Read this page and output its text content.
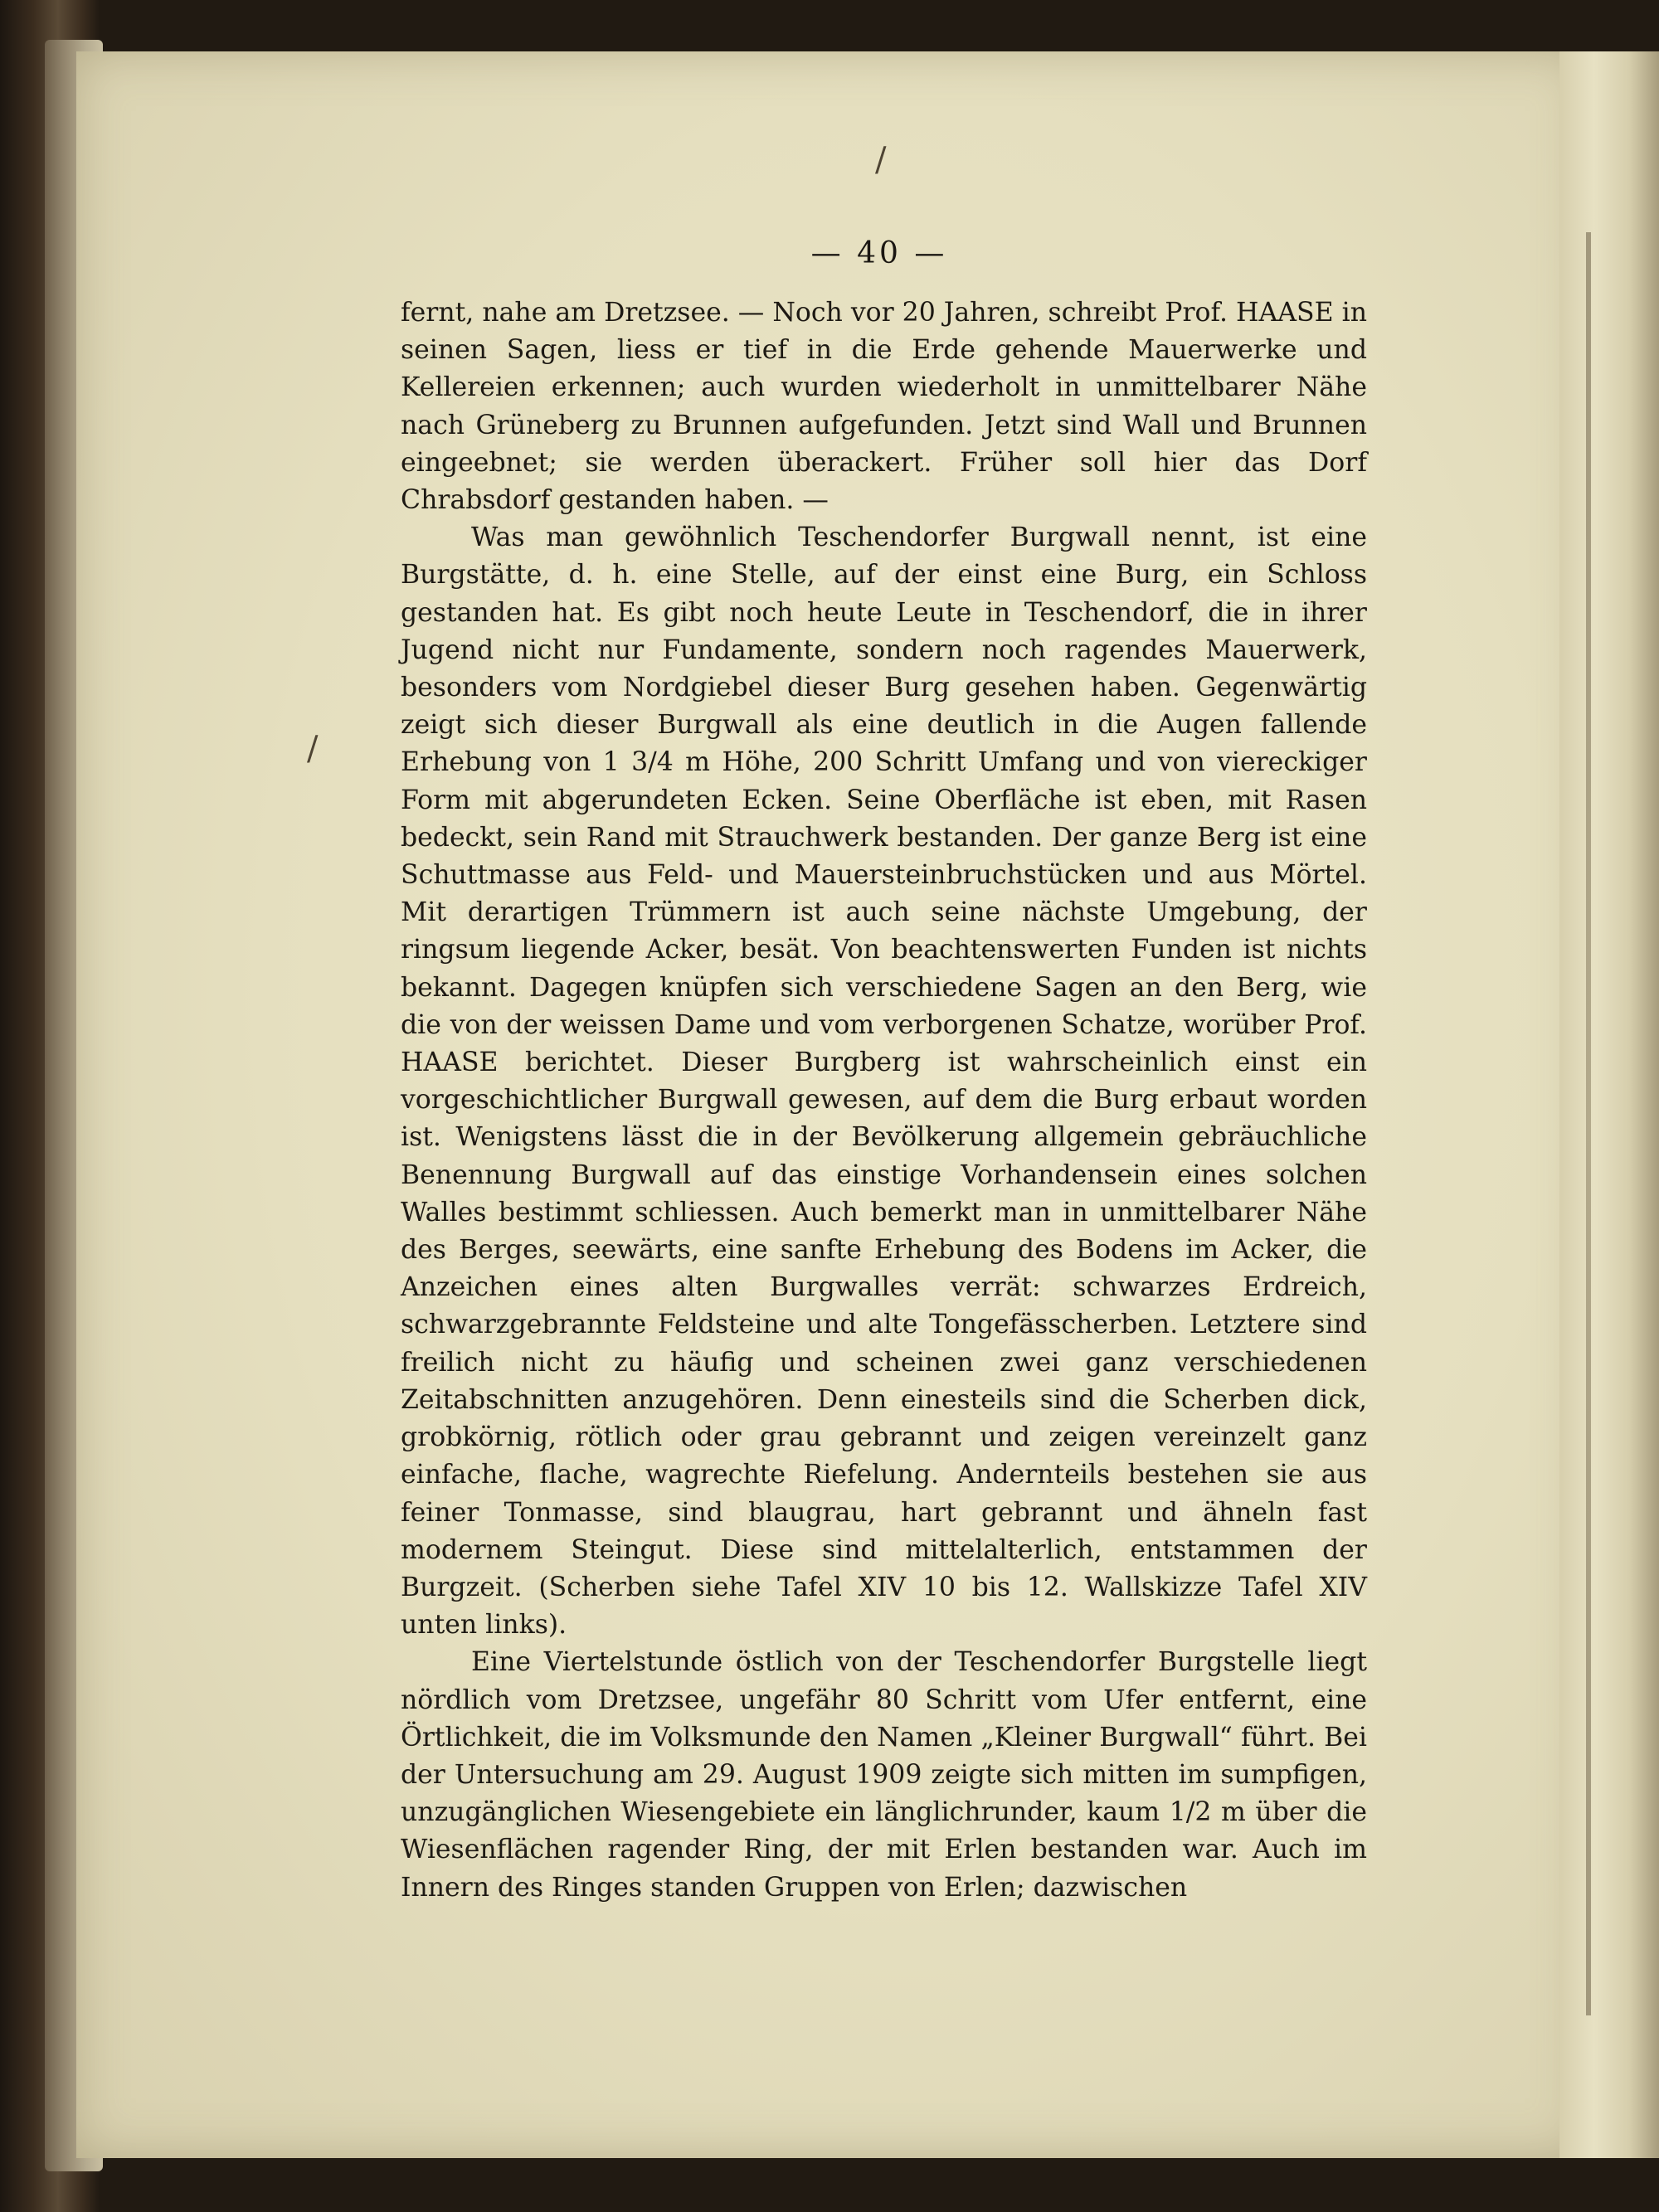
/
/
— 40 —

fernt, nahe am Dretzsee. — Noch vor 20 Jahren, schreibt Prof. HAASE in seinen Sagen, liess er tief in die Erde gehende Mauerwerke und Kellereien erkennen; auch wurden wiederholt in unmittelbarer Nähe nach Grüneberg zu Brunnen aufgefunden. Jetzt sind Wall und Brunnen eingeebnet; sie werden überackert. Früher soll hier das Dorf Chrabsdorf gestanden haben. —

Was man gewöhnlich Teschendorfer Burgwall nennt, ist eine Burgstätte, d. h. eine Stelle, auf der einst eine Burg, ein Schloss gestanden hat. Es gibt noch heute Leute in Teschendorf, die in ihrer Jugend nicht nur Fundamente, sondern noch ragendes Mauerwerk, besonders vom Nordgiebel dieser Burg gesehen haben. Gegenwärtig zeigt sich dieser Burgwall als eine deutlich in die Augen fallende Erhebung von 1 3/4 m Höhe, 200 Schritt Umfang und von viereckiger Form mit abgerundeten Ecken. Seine Oberfläche ist eben, mit Rasen bedeckt, sein Rand mit Strauchwerk bestanden. Der ganze Berg ist eine Schuttmasse aus Feld- und Mauersteinbruchstücken und aus Mörtel. Mit derartigen Trümmern ist auch seine nächste Umgebung, der ringsum liegende Acker, besät. Von beachtenswerten Funden ist nichts bekannt. Dagegen knüpfen sich verschiedene Sagen an den Berg, wie die von der weissen Dame und vom verborgenen Schatze, worüber Prof. HAASE berichtet. Dieser Burgberg ist wahrscheinlich einst ein vorgeschichtlicher Burgwall gewesen, auf dem die Burg erbaut worden ist. Wenigstens lässt die in der Bevölkerung allgemein gebräuchliche Benennung Burgwall auf das einstige Vorhandensein eines solchen Walles bestimmt schliessen. Auch bemerkt man in unmittelbarer Nähe des Berges, seewärts, eine sanfte Erhebung des Bodens im Acker, die Anzeichen eines alten Burgwalles verrät: schwarzes Erdreich, schwarzgebrannte Feldsteine und alte Tongefässcherben. Letztere sind freilich nicht zu häufig und scheinen zwei ganz verschiedenen Zeitabschnitten anzugehören. Denn einesteils sind die Scherben dick, grobkörnig, rötlich oder grau gebrannt und zeigen vereinzelt ganz einfache, flache, wagrechte Riefelung. Andernteils bestehen sie aus feiner Tonmasse, sind blaugrau, hart gebrannt und ähneln fast modernem Steingut. Diese sind mittelalterlich, entstammen der Burgzeit. (Scherben siehe Tafel XIV 10 bis 12. Wallskizze Tafel XIV unten links).

Eine Viertelstunde östlich von der Teschendorfer Burgstelle liegt nördlich vom Dretzsee, ungefähr 80 Schritt vom Ufer entfernt, eine Örtlichkeit, die im Volksmunde den Namen „Kleiner Burgwall“ führt. Bei der Untersuchung am 29. August 1909 zeigte sich mitten im sumpfigen, unzugänglichen Wiesengebiete ein länglichrunder, kaum 1/2 m über die Wiesenflächen ragender Ring, der mit Erlen bestanden war. Auch im Innern des Ringes standen Gruppen von Erlen; dazwischen
